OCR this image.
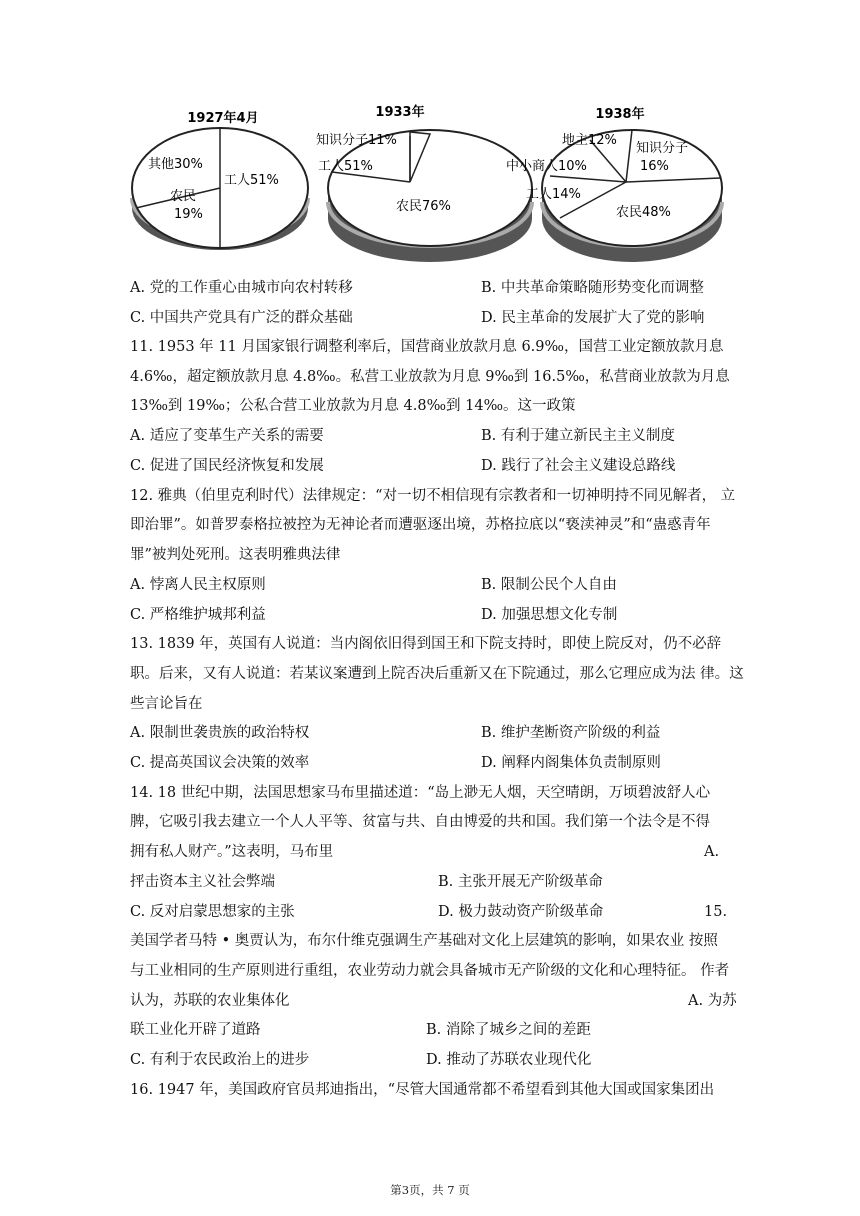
1927年4月
其他30%
工人51%
农民
19%
1933年
知识分子11%
工人51%
农民76%
1938年
地主12%
知识分子
16%
中小商人10%
工人14%
农民48%
A. 党的工作重心由城市向农村转移	B. 中共革命策略随形势变化而调整
C. 中国共产党具有广泛的群众基础	D. 民主革命的发展扩大了党的影响
11. 1953 年 11 月国家银行调整利率后，国营商业放款月息 6.9‰，国营工业定额放款月息
4.6‰，超定额放款月息 4.8‰。私营工业放款为月息 9‰到 16.5‰，私营商业放款为月息
13‰到 19‰；公私合营工业放款为月息 4.8‰到 14‰。这一政策
A. 适应了变革生产关系的需要	B. 有利于建立新民主主义制度
C. 促进了国民经济恢复和发展	D. 践行了社会主义建设总路线
12. 雅典（伯里克利时代）法律规定：“对一切不相信现有宗教者和一切神明持不同见解者， 立
即治罪”。如普罗泰格拉被控为无神论者而遭驱逐出境，苏格拉底以“亵渎神灵”和“蛊惑青年
罪”被判处死刑。这表明雅典法律
A. 悖离人民主权原则	B. 限制公民个人自由
C. 严格维护城邦利益	D. 加强思想文化专制
13. 1839 年，英国有人说道：当内阁依旧得到国王和下院支持时，即使上院反对，仍不必辞
职。后来，又有人说道：若某议案遭到上院否决后重新又在下院通过，那么它理应成为法 律。这
些言论旨在
A. 限制世袭贵族的政治特权	B. 维护垄断资产阶级的利益
C. 提高英国议会决策的效率	D. 阐释内阁集体负责制原则
14. 18 世纪中期，法国思想家马布里描述道：“岛上渺无人烟，天空晴朗，万顷碧波舒人心
脾，它吸引我去建立一个人人平等、贫富与共、自由博爱的共和国。我们第一个法令是不得
拥有私人财产。”这表明，马布里	A.
抨击资本主义社会弊端	B. 主张开展无产阶级革命
C. 反对启蒙思想家的主张	D. 极力鼓动资产阶级革命	15.
美国学者马特 • 奥贾认为，布尔什维克强调生产基础对文化上层建筑的影响，如果农业 按照
与工业相同的生产原则进行重组，农业劳动力就会具备城市无产阶级的文化和心理特征。 作者
认为，苏联的农业集体化	A. 为苏
联工业化开辟了道路	B. 消除了城乡之间的差距
C. 有利于农民政治上的进步	D. 推动了苏联农业现代化
16. 1947 年，美国政府官员邦迪指出，“尽管大国通常都不希望看到其他大国或国家集团出
第3页，共 7 页
